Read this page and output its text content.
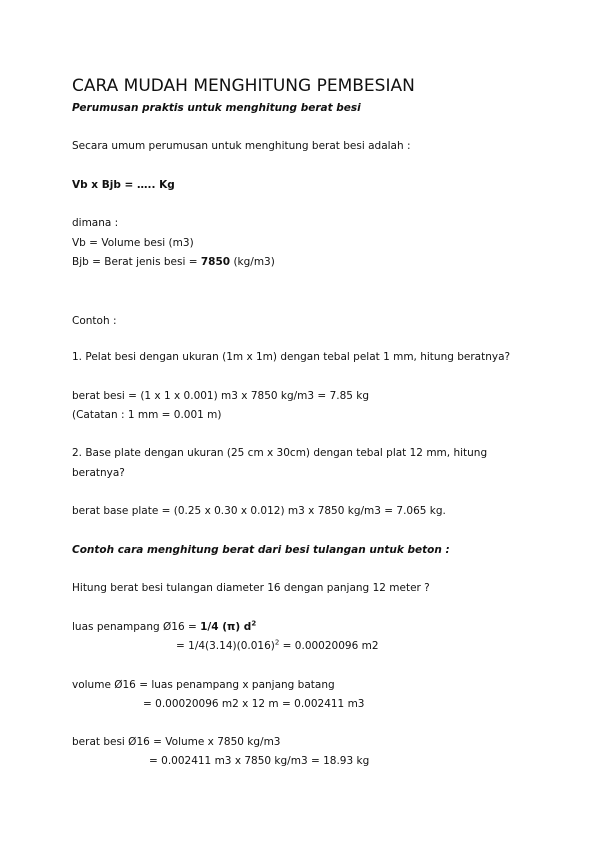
CARA MUDAH MENGHITUNG PEMBESIAN
Perumusan praktis untuk menghitung berat besi
Secara umum perumusan untuk menghitung berat besi adalah :
Vb x Bjb = ….. Kg
dimana :
Vb = Volume besi (m3)
Bjb = Berat jenis besi = 7850 (kg/m3)
Contoh :
1. Pelat besi dengan ukuran (1m x 1m) dengan tebal pelat 1 mm, hitung beratnya?
berat besi = (1 x 1 x 0.001) m3 x 7850 kg/m3 = 7.85 kg
(Catatan : 1 mm = 0.001 m)
2. Base plate dengan ukuran (25 cm x 30cm) dengan tebal plat 12 mm, hitung
beratnya?
berat base plate = (0.25 x 0.30 x 0.012) m3 x 7850 kg/m3 = 7.065 kg.
Contoh cara menghitung berat dari besi tulangan untuk beton :
Hitung berat besi tulangan diameter 16 dengan panjang 12 meter ?
luas penampang Ø16 = 1/4 (π) $d^2$
= $1/4(3.14)(0.016)^2 = 0.00020096$ m2
volume Ø16 = luas penampang x panjang batang
= 0.00020096 m2 x 12 m = 0.002411 m3
berat besi Ø16 = Volume x 7850 kg/m3
= 0.002411 m3 x 7850 kg/m3 = 18.93 kg
